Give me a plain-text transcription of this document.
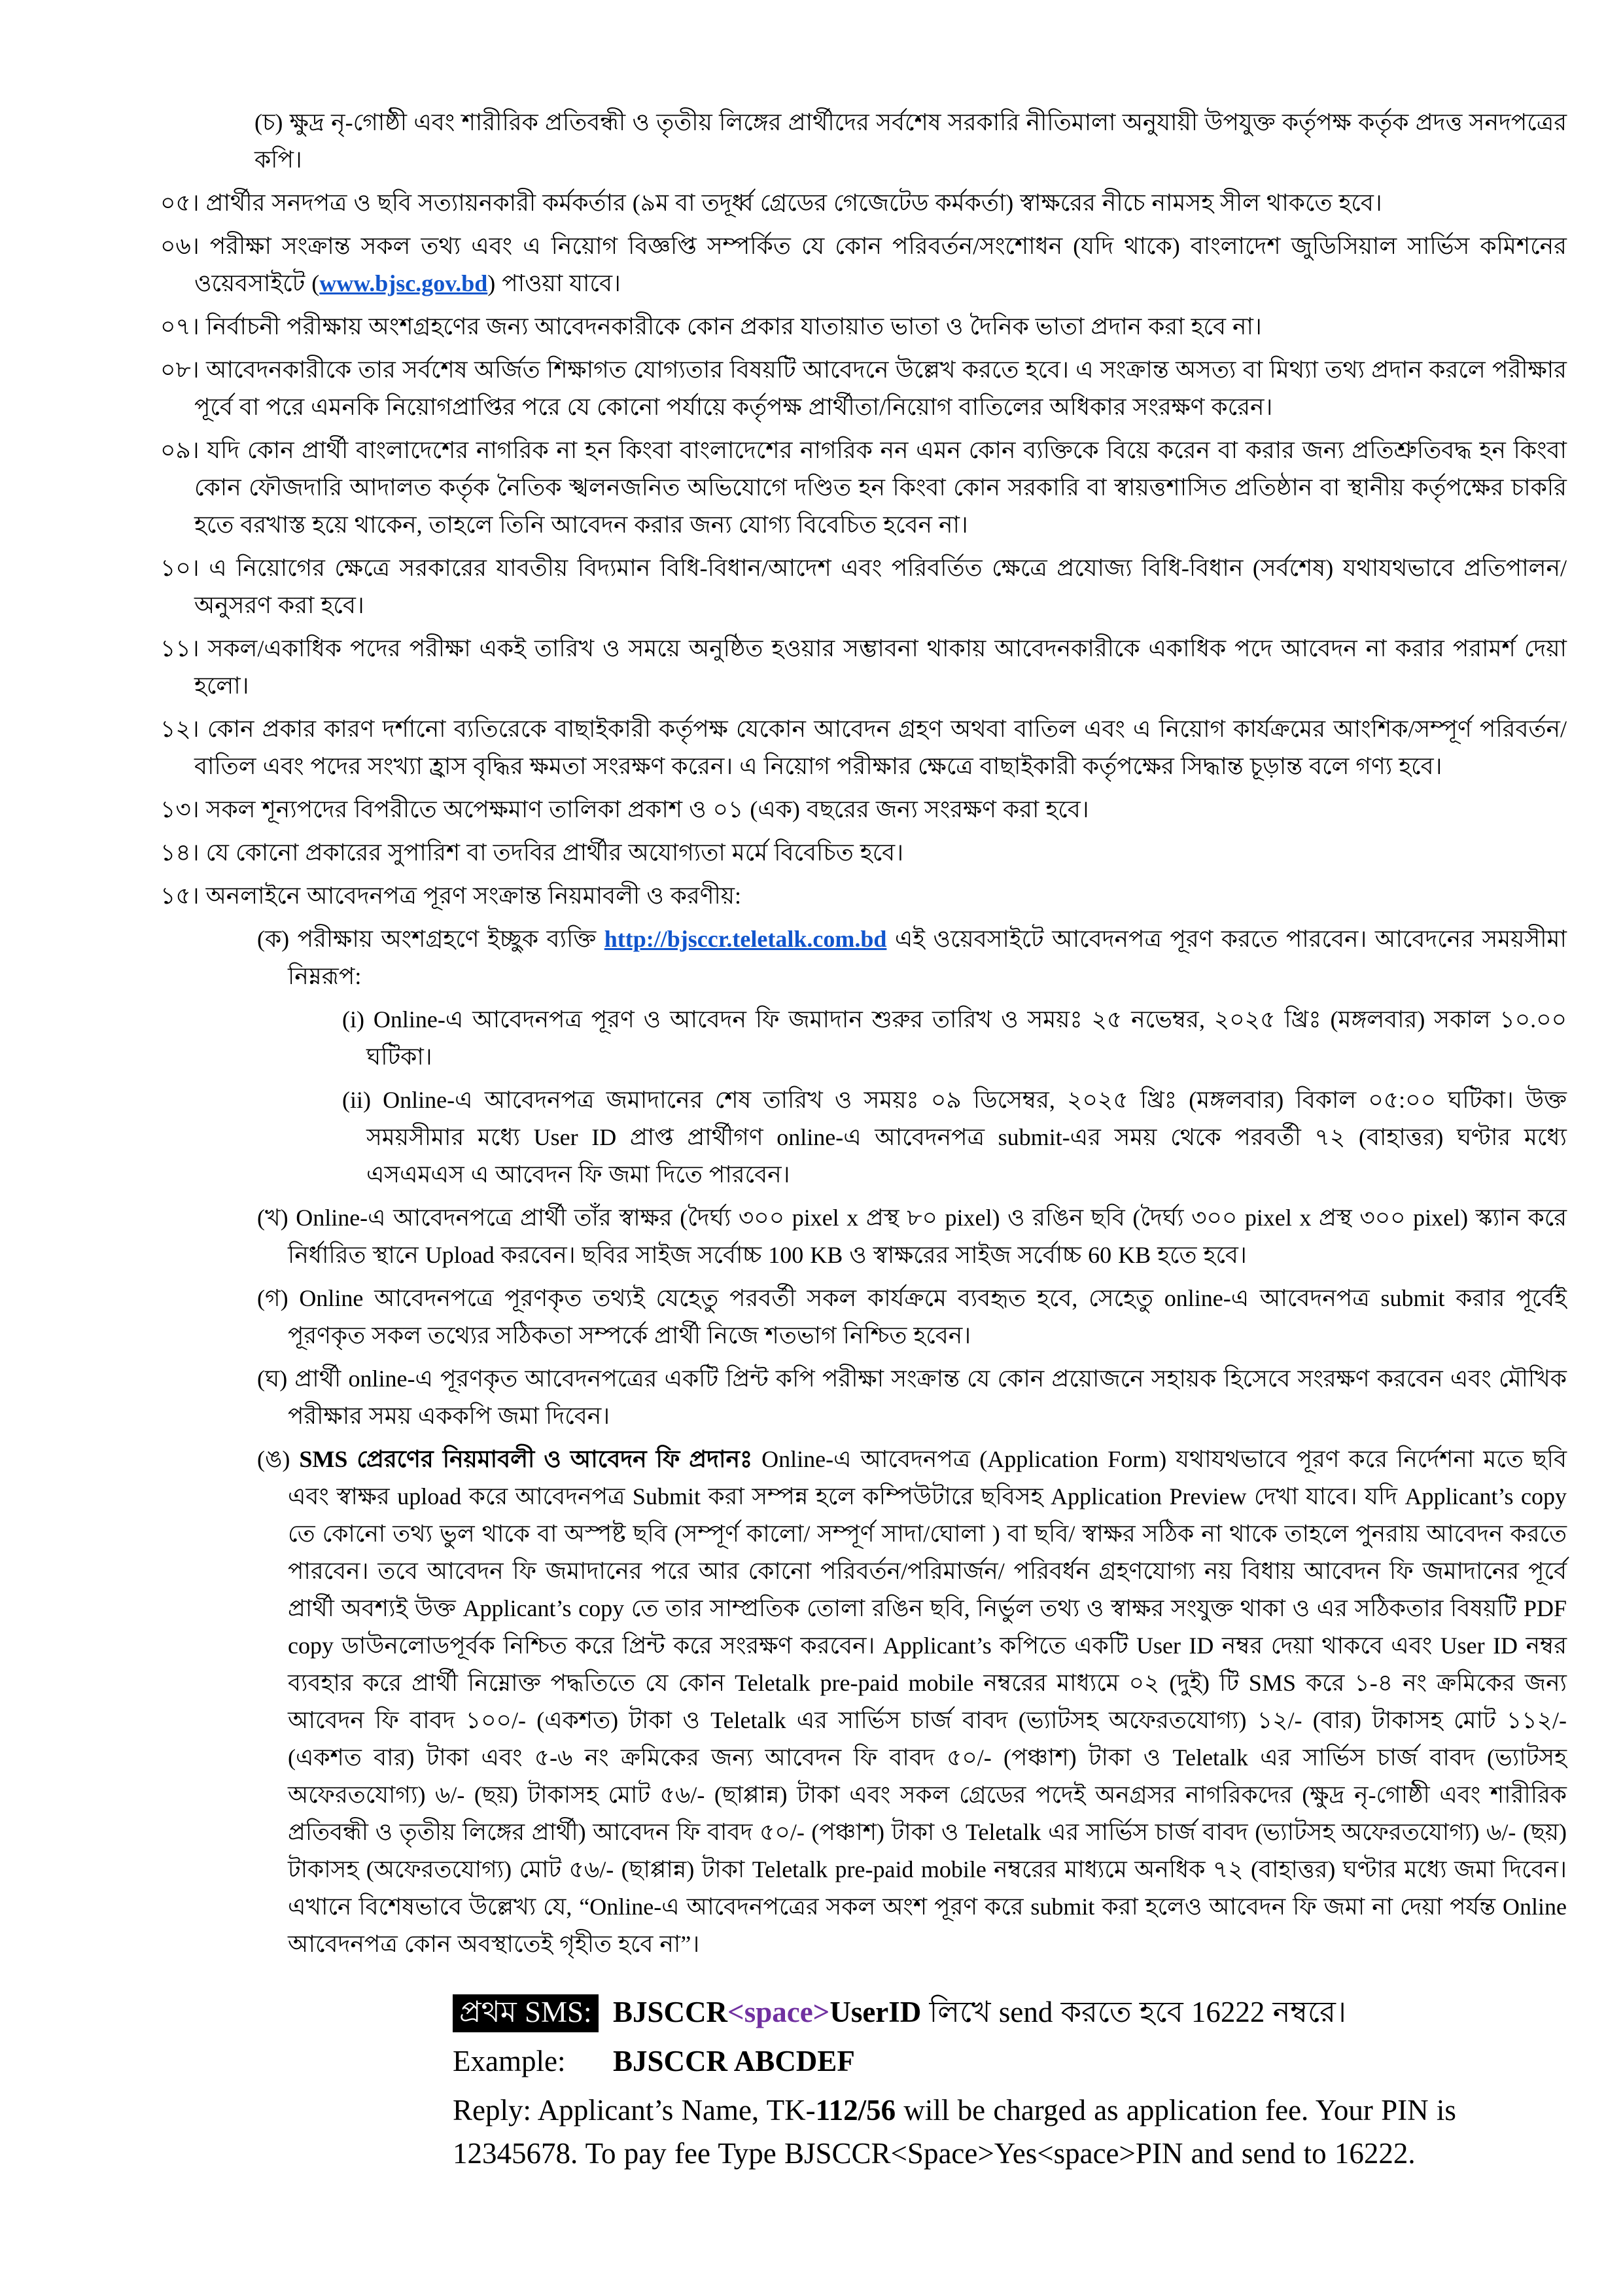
(চ) ক্ষুদ্র নৃ-গোষ্ঠী এবং শারীরিক প্রতিবন্ধী ও তৃতীয় লিঙ্গের প্রার্থীদের সর্বশেষ সরকারি নীতিমালা অনুযায়ী উপযুক্ত কর্তৃপক্ষ কর্তৃক প্রদত্ত সনদপত্রের কপি।
০৫। প্রার্থীর সনদপত্র ও ছবি সত্যায়নকারী কর্মকর্তার (৯ম বা তদূর্ধ্ব গ্রেডের গেজেটেড কর্মকর্তা) স্বাক্ষরের নীচে নামসহ সীল থাকতে হবে।
০৬। পরীক্ষা সংক্রান্ত সকল তথ্য এবং এ নিয়োগ বিজ্ঞপ্তি সম্পর্কিত যে কোন পরিবর্তন/সংশোধন (যদি থাকে) বাংলাদেশ জুডিসিয়াল সার্ভিস কমিশনের ওয়েবসাইটে (www.bjsc.gov.bd) পাওয়া যাবে।
০৭। নির্বাচনী পরীক্ষায় অংশগ্রহণের জন্য আবেদনকারীকে কোন প্রকার যাতায়াত ভাতা ও দৈনিক ভাতা প্রদান করা হবে না।
০৮। আবেদনকারীকে তার সর্বশেষ অর্জিত শিক্ষাগত যোগ্যতার বিষয়টি আবেদনে উল্লেখ করতে হবে। এ সংক্রান্ত অসত্য বা মিথ্যা তথ্য প্রদান করলে পরীক্ষার পূর্বে বা পরে এমনকি নিয়োগপ্রাপ্তির পরে যে কোনো পর্যায়ে কর্তৃপক্ষ প্রার্থীতা/নিয়োগ বাতিলের অধিকার সংরক্ষণ করেন।
০৯। যদি কোন প্রার্থী বাংলাদেশের নাগরিক না হন কিংবা বাংলাদেশের নাগরিক নন এমন কোন ব্যক্তিকে বিয়ে করেন বা করার জন্য প্রতিশ্রুতিবদ্ধ হন কিংবা কোন ফৌজদারি আদালত কর্তৃক নৈতিক স্খলনজনিত অভিযোগে দণ্ডিত হন কিংবা কোন সরকারি বা স্বায়ত্তশাসিত প্রতিষ্ঠান বা স্থানীয় কর্তৃপক্ষের চাকরি হতে বরখাস্ত হয়ে থাকেন, তাহলে তিনি আবেদন করার জন্য যোগ্য বিবেচিত হবেন না।
১০। এ নিয়োগের ক্ষেত্রে সরকারের যাবতীয় বিদ্যমান বিধি-বিধান/আদেশ এবং পরিবর্তিত ক্ষেত্রে প্রযোজ্য বিধি-বিধান (সর্বশেষ) যথাযথভাবে প্রতিপালন/অনুসরণ করা হবে।
১১। সকল/একাধিক পদের পরীক্ষা একই তারিখ ও সময়ে অনুষ্ঠিত হওয়ার সম্ভাবনা থাকায় আবেদনকারীকে একাধিক পদে আবেদন না করার পরামর্শ দেয়া হলো।
১২। কোন প্রকার কারণ দর্শানো ব্যতিরেকে বাছাইকারী কর্তৃপক্ষ যেকোন আবেদন গ্রহণ অথবা বাতিল এবং এ নিয়োগ কার্যক্রমের আংশিক/সম্পূর্ণ পরিবর্তন/বাতিল এবং পদের সংখ্যা হ্রাস বৃদ্ধির ক্ষমতা সংরক্ষণ করেন। এ নিয়োগ পরীক্ষার ক্ষেত্রে বাছাইকারী কর্তৃপক্ষের সিদ্ধান্ত চূড়ান্ত বলে গণ্য হবে।
১৩। সকল শূন্যপদের বিপরীতে অপেক্ষমাণ তালিকা প্রকাশ ও ০১ (এক) বছরের জন্য সংরক্ষণ করা হবে।
১৪। যে কোনো প্রকারের সুপারিশ বা তদবির প্রার্থীর অযোগ্যতা মর্মে বিবেচিত হবে।
১৫। অনলাইনে আবেদনপত্র পূরণ সংক্রান্ত নিয়মাবলী ও করণীয়:
(ক) পরীক্ষায় অংশগ্রহণে ইচ্ছুক ব্যক্তি http://bjsccr.teletalk.com.bd এই ওয়েবসাইটে আবেদনপত্র পূরণ করতে পারবেন। আবেদনের সময়সীমা নিম্নরূপ:
(i) Online-এ আবেদনপত্র পূরণ ও আবেদন ফি জমাদান শুরুর তারিখ ও সময়ঃ ২৫ নভেম্বর, ২০২৫ খ্রিঃ (মঙ্গলবার) সকাল ১০.০০ ঘটিকা।
(ii) Online-এ আবেদনপত্র জমাদানের শেষ তারিখ ও সময়ঃ ০৯ ডিসেম্বর, ২০২৫ খ্রিঃ (মঙ্গলবার) বিকাল ০৫:০০ ঘটিকা। উক্ত সময়সীমার মধ্যে User ID প্রাপ্ত প্রার্থীগণ online-এ আবেদনপত্র submit-এর সময় থেকে পরবর্তী ৭২ (বাহাত্তর) ঘণ্টার মধ্যে এসএমএস এ আবেদন ফি জমা দিতে পারবেন।
(খ) Online-এ আবেদনপত্রে প্রার্থী তাঁর স্বাক্ষর (দৈর্ঘ্য ৩০০ pixel x প্রস্থ ৮০ pixel) ও রঙিন ছবি (দৈর্ঘ্য ৩০০ pixel x প্রস্থ ৩০০ pixel) স্ক্যান করে নির্ধারিত স্থানে Upload করবেন। ছবির সাইজ সর্বোচ্চ 100 KB ও স্বাক্ষরের সাইজ সর্বোচ্চ 60 KB হতে হবে।
(গ) Online আবেদনপত্রে পূরণকৃত তথ্যই যেহেতু পরবর্তী সকল কার্যক্রমে ব্যবহৃত হবে, সেহেতু online-এ আবেদনপত্র submit করার পূর্বেই পূরণকৃত সকল তথ্যের সঠিকতা সম্পর্কে প্রার্থী নিজে শতভাগ নিশ্চিত হবেন।
(ঘ) প্রার্থী online-এ পূরণকৃত আবেদনপত্রের একটি প্রিন্ট কপি পরীক্ষা সংক্রান্ত যে কোন প্রয়োজনে সহায়ক হিসেবে সংরক্ষণ করবেন এবং মৌখিক পরীক্ষার সময় এককপি জমা দিবেন।
(ঙ) SMS প্রেরণের নিয়মাবলী ও আবেদন ফি প্রদানঃ Online-এ আবেদনপত্র (Application Form) যথাযথভাবে পূরণ করে নির্দেশনা মতে ছবি এবং স্বাক্ষর upload করে আবেদনপত্র Submit করা সম্পন্ন হলে কম্পিউটারে ছবিসহ Application Preview দেখা যাবে। যদি Applicant’s copy তে কোনো তথ্য ভুল থাকে বা অস্পষ্ট ছবি (সম্পূর্ণ কালো/ সম্পূর্ণ সাদা/ঘোলা ) বা ছবি/ স্বাক্ষর সঠিক না থাকে তাহলে পুনরায় আবেদন করতে পারবেন। তবে আবেদন ফি জমাদানের পরে আর কোনো পরিবর্তন/পরিমার্জন/ পরিবর্ধন গ্রহণযোগ্য নয় বিধায় আবেদন ফি জমাদানের পূর্বে প্রার্থী অবশ্যই উক্ত Applicant’s copy তে তার সাম্প্রতিক তোলা রঙিন ছবি, নির্ভুল তথ্য ও স্বাক্ষর সংযুক্ত থাকা ও এর সঠিকতার বিষয়টি PDF copy ডাউনলোডপূর্বক নিশ্চিত করে প্রিন্ট করে সংরক্ষণ করবেন। Applicant’s কপিতে একটি User ID নম্বর দেয়া থাকবে এবং User ID নম্বর ব্যবহার করে প্রার্থী নিম্নোক্ত পদ্ধতিতে যে কোন Teletalk pre-paid mobile নম্বরের মাধ্যমে ০২ (দুই) টি SMS করে ১-৪ নং ক্রমিকের জন্য আবেদন ফি বাবদ ১০০/- (একশত) টাকা ও Teletalk এর সার্ভিস চার্জ বাবদ (ভ্যাটসহ অফেরতযোগ্য) ১২/- (বার) টাকাসহ মোট ১১২/- (একশত বার) টাকা এবং ৫-৬ নং ক্রমিকের জন্য আবেদন ফি বাবদ ৫০/- (পঞ্চাশ) টাকা ও Teletalk এর সার্ভিস চার্জ বাবদ (ভ্যাটসহ অফেরতযোগ্য) ৬/- (ছয়) টাকাসহ মোট ৫৬/- (ছাপ্পান্ন) টাকা এবং সকল গ্রেডের পদেই অনগ্রসর নাগরিকদের (ক্ষুদ্র নৃ-গোষ্ঠী এবং শারীরিক প্রতিবন্ধী ও তৃতীয় লিঙ্গের প্রার্থী) আবেদন ফি বাবদ ৫০/- (পঞ্চাশ) টাকা ও Teletalk এর সার্ভিস চার্জ বাবদ (ভ্যাটসহ অফেরতযোগ্য) ৬/- (ছয়) টাকাসহ (অফেরতযোগ্য) মোট ৫৬/- (ছাপ্পান্ন) টাকা Teletalk pre-paid mobile নম্বরের মাধ্যমে অনধিক ৭২ (বাহাত্তর) ঘণ্টার মধ্যে জমা দিবেন। এখানে বিশেষভাবে উল্লেখ্য যে, “Online-এ আবেদনপত্রের সকল অংশ পূরণ করে submit করা হলেও আবেদন ফি জমা না দেয়া পর্যন্ত Online আবেদনপত্র কোন অবস্থাতেই গৃহীত হবে না”।
প্রথম SMS: BJSCCR<space>UserID লিখে send করতে হবে 16222 নম্বরে।
Example: BJSCCR ABCDEF
Reply: Applicant’s Name, TK-112/56 will be charged as application fee. Your PIN is 12345678. To pay fee Type BJSCCR<Space>Yes<space>PIN and send to 16222.
